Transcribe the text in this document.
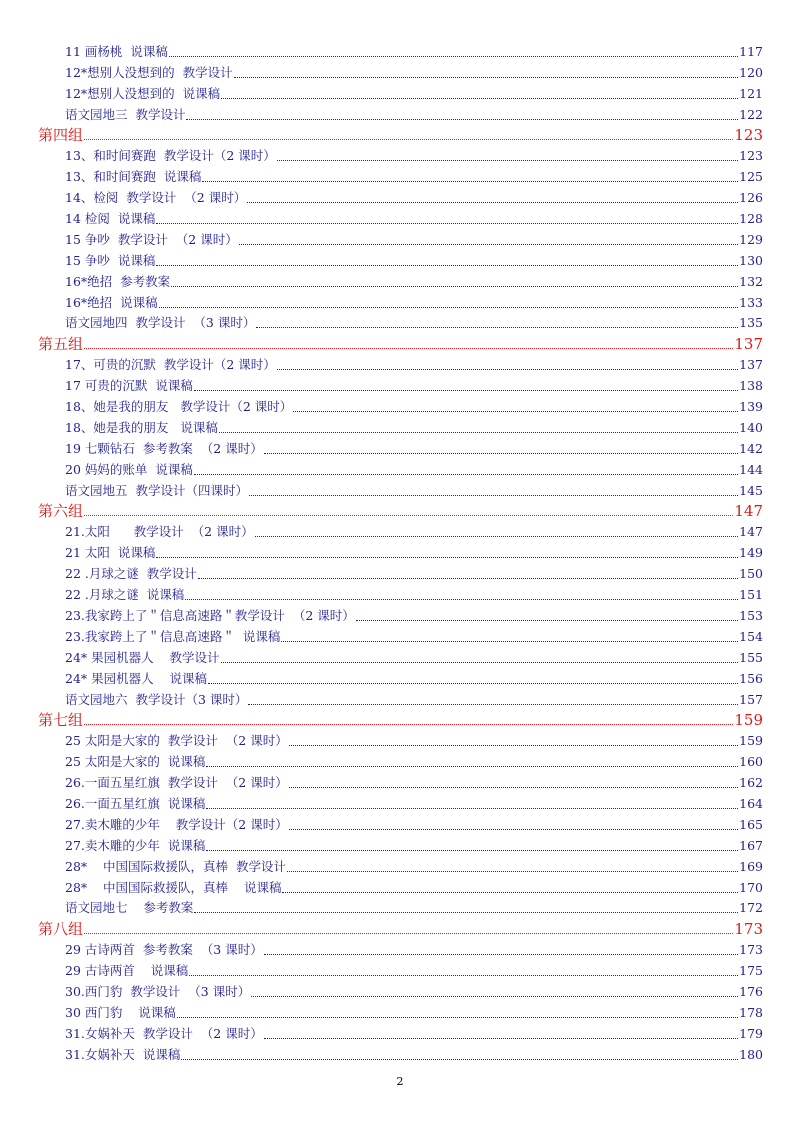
11 画杨桃  说课稿	117
12*想别人没想到的  教学设计	120
12*想别人没想到的  说课稿	121
语文园地三  教学设计	122
第四组	123
13、和时间赛跑  教学设计（2 课时）	123
13、和时间赛跑  说课稿	125
14、检阅  教学设计  （2 课时）	126
14 检阅  说课稿	128
15 争吵  教学设计  （2 课时）	129
15 争吵  说课稿	130
16*绝招  参考教案	132
16*绝招  说课稿	133
语文园地四  教学设计  （3 课时）	135
第五组	137
17、可贵的沉默  教学设计（2 课时）	137
17 可贵的沉默  说课稿	138
18、她是我的朋友   教学设计（2 课时）	139
18、她是我的朋友   说课稿	140
19 七颗钻石  参考教案  （2 课时）	142
20 妈妈的账单  说课稿	144
语文园地五  教学设计（四课时）	145
第六组	147
21.太阳      教学设计  （2 课时）	147
21 太阳  说课稿	149
22 .月球之谜  教学设计	150
22 .月球之谜  说课稿	151
23.我家跨上了＂信息高速路＂教学设计  （2 课时）	153
23.我家跨上了＂信息高速路＂  说课稿	154
24* 果园机器人    教学设计	155
24* 果园机器人    说课稿	156
语文园地六  教学设计（3 课时）	157
第七组	159
25 太阳是大家的  教学设计  （2 课时）	159
25 太阳是大家的  说课稿	160
26.一面五星红旗  教学设计  （2 课时）	162
26.一面五星红旗  说课稿	164
27.卖木雕的少年    教学设计（2 课时）	165
27.卖木雕的少年  说课稿	167
28*    中国国际救援队，真棒  教学设计	169
28*    中国国际救援队，真棒    说课稿	170
语文园地七    参考教案	172
第八组	173
29 古诗两首  参考教案  （3 课时）	173
29 古诗两首    说课稿	175
30.西门豹  教学设计  （3 课时）	176
30 西门豹    说课稿	178
31.女娲补天  教学设计  （2 课时）	179
31.女娲补天  说课稿	180
2
